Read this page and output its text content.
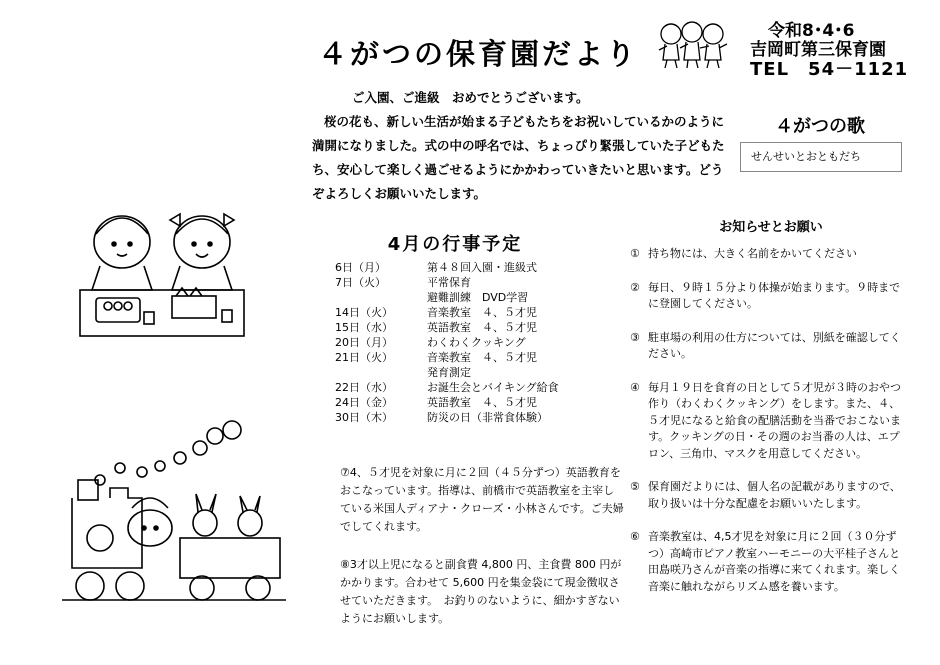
４がつの保育園だより
令和8･4･6
吉岡町第三保育園
TEL　54－1121

ご入園、ご進級　おめでとうございます。

桜の花も、新しい生活が始まる子どもたちをお祝いしているかのように満開になりました。式の中の呼名では、ちょっぴり緊張していた子どもたち、安心して楽しく過ごせるようにかかわっていきたいと思います。どうぞよろしくお願いいたします。

４がつの歌
せんせいとおともだち
4月の行事予定
6日（月）	第４８回入園・進級式
7日（火）	平常保育
避難訓練　DVD学習
14日（火）	音楽教室　４、５才児
15日（水）	英語教室　４、５才児
20日（月）	わくわくクッキング
21日（火）	音楽教室　４、５才児
発育測定
22日（水）	お誕生会とバイキング給食
24日（金）	英語教室　４、５才児
30日（木）	防災の日（非常食体験）
⑦4、５才児を対象に月に２回（４５分ずつ）英語教育をおこなっています。指導は、前橋市で英語教室を主宰している米国人ディアナ・クローズ・小林さんです。ご夫婦でしてくれます。
⑧3才以上児になると副食費 4,800 円、主食費 800 円がかかります。合わせて 5,600 円を集金袋にて現金徴収させていただきます。　お釣りのないように、細かすぎないようにお願いします。
お知らせとお願い
① 持ち物には、大きく名前をかいてください
② 毎日、９時１５分より体操が始まります。９時までに登園してください。
③ 駐車場の利用の仕方については、別紙を確認してください。
④ 毎月１９日を食育の日として５才児が３時のおやつ作り（わくわくクッキング）をします。また、４、５才児になると給食の配膳活動を当番でおこないます。クッキングの日・その週のお当番の人は、エプロン、三角巾、マスクを用意してください。
⑤ 保育園だよりには、個人名の記載がありますので、取り扱いは十分な配慮をお願いいたします。
⑥ 音楽教室は、4,5才児を対象に月に２回（３０分ずつ）高崎市ピアノ教室ハーモニーの大平桂子さんと田島咲乃さんが音楽の指導に来てくれます。楽しく音楽に触れながらリズム感を養います。
